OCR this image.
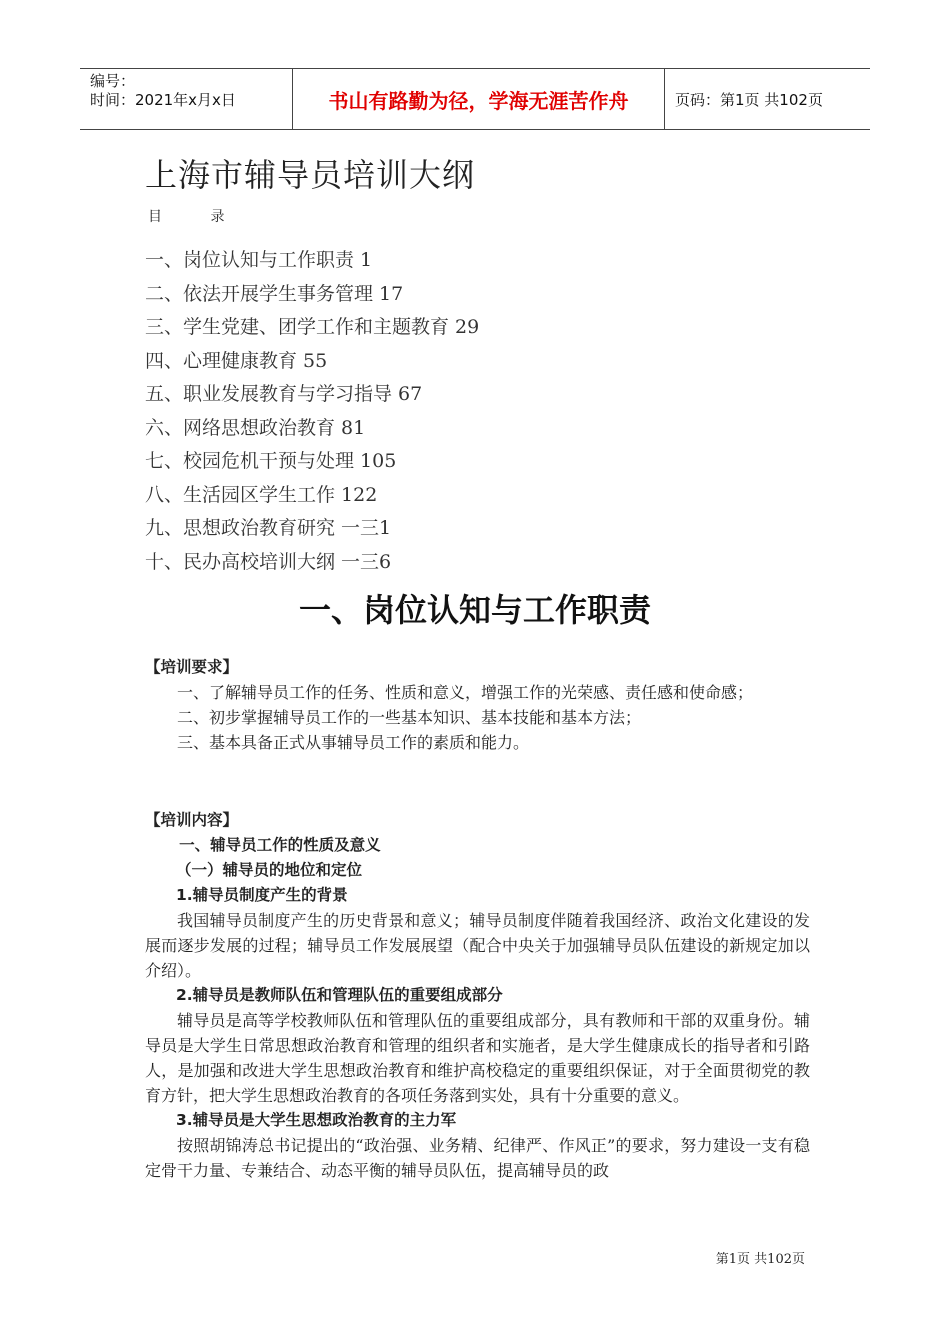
编号：
时间：2021年x月x日	书山有路勤为径，学海无涯苦作舟	页码：第1页 共102页
上海市辅导员培训大纲
目 录
一、岗位认知与工作职责 1
二、依法开展学生事务管理 17
三、学生党建、团学工作和主题教育 29
四、心理健康教育 55
五、职业发展教育与学习指导 67
六、网络思想政治教育 81
七、校园危机干预与处理 105
八、生活园区学生工作 122
九、思想政治教育研究 一三1
十、民办高校培训大纲 一三6
一、岗位认知与工作职责
【培训要求】

一、了解辅导员工作的任务、性质和意义，增强工作的光荣感、责任感和使命感；

二、初步掌握辅导员工作的一些基本知识、基本技能和基本方法；

三、基本具备正式从事辅导员工作的素质和能力。

【培训内容】
一、辅导员工作的性质及意义
（一）辅导员的地位和定位
1.辅导员制度产生的背景

我国辅导员制度产生的历史背景和意义；辅导员制度伴随着我国经济、政治文化建设的发展而逐步发展的过程；辅导员工作发展展望（配合中央关于加强辅导员队伍建设的新规定加以介绍）。

2.辅导员是教师队伍和管理队伍的重要组成部分

辅导员是高等学校教师队伍和管理队伍的重要组成部分，具有教师和干部的双重身份。辅导员是大学生日常思想政治教育和管理的组织者和实施者，是大学生健康成长的指导者和引路人，是加强和改进大学生思想政治教育和维护高校稳定的重要组织保证，对于全面贯彻党的教育方针，把大学生思想政治教育的各项任务落到实处，具有十分重要的意义。

3.辅导员是大学生思想政治教育的主力军

按照胡锦涛总书记提出的“政治强、业务精、纪律严、作风正”的要求，努力建设一支有稳定骨干力量、专兼结合、动态平衡的辅导员队伍，提高辅导员的政

第1页 共102页
